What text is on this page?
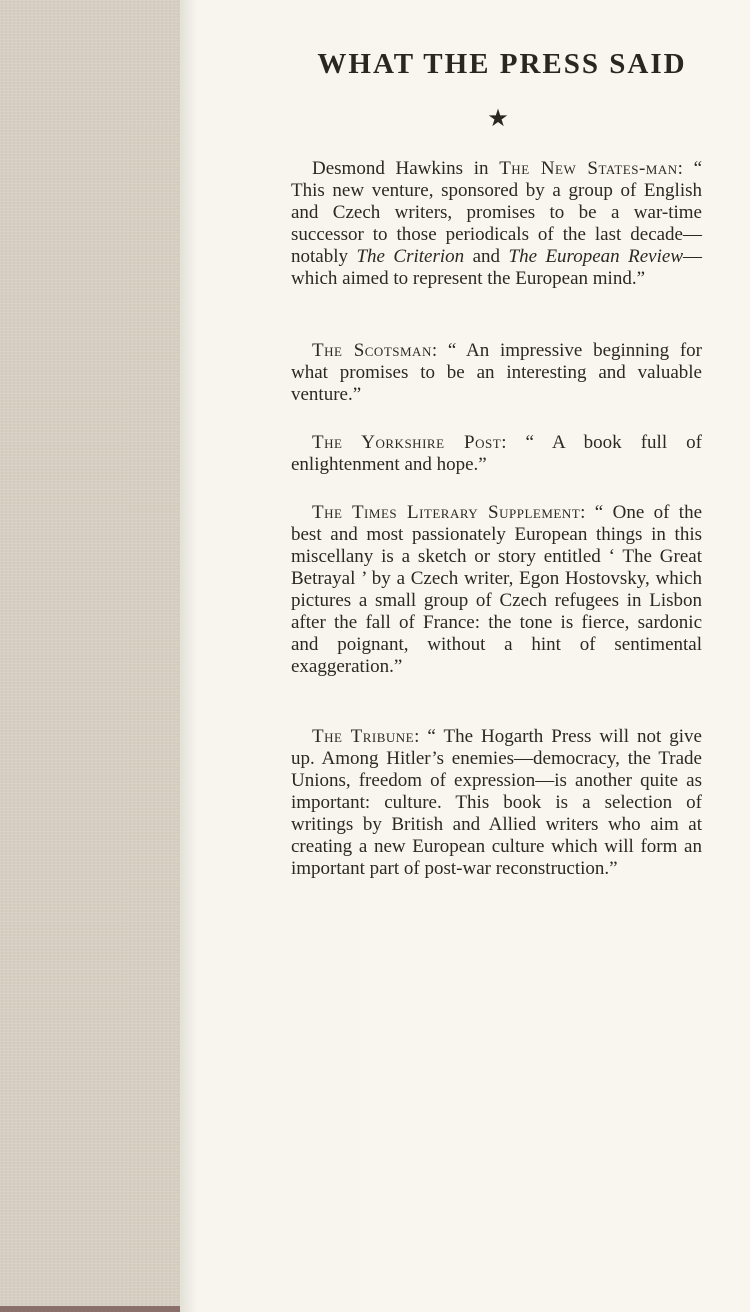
WHAT THE PRESS SAID
★

Desmond Hawkins in The New States-man: “ This new venture, sponsored by a group of English and Czech writers, promises to be a war-time successor to those periodicals of the last decade—notably The Criterion and The European Review—which aimed to represent the European mind.”

The Scotsman: “ An impressive beginning for what promises to be an interesting and valuable venture.”

The Yorkshire Post: “ A book full of enlightenment and hope.”

The Times Literary Supplement: “ One of the best and most passionately European things in this miscellany is a sketch or story entitled ‘ The Great Betrayal ’ by a Czech writer, Egon Hostovsky, which pictures a small group of Czech refugees in Lisbon after the fall of France: the tone is fierce, sardonic and poignant, without a hint of sentimental exaggeration.”

The Tribune: “ The Hogarth Press will not give up. Among Hitler’s enemies—democracy, the Trade Unions, freedom of expression—is another quite as important: culture. This book is a selection of writings by British and Allied writers who aim at creating a new European culture which will form an important part of post-war reconstruction.”
